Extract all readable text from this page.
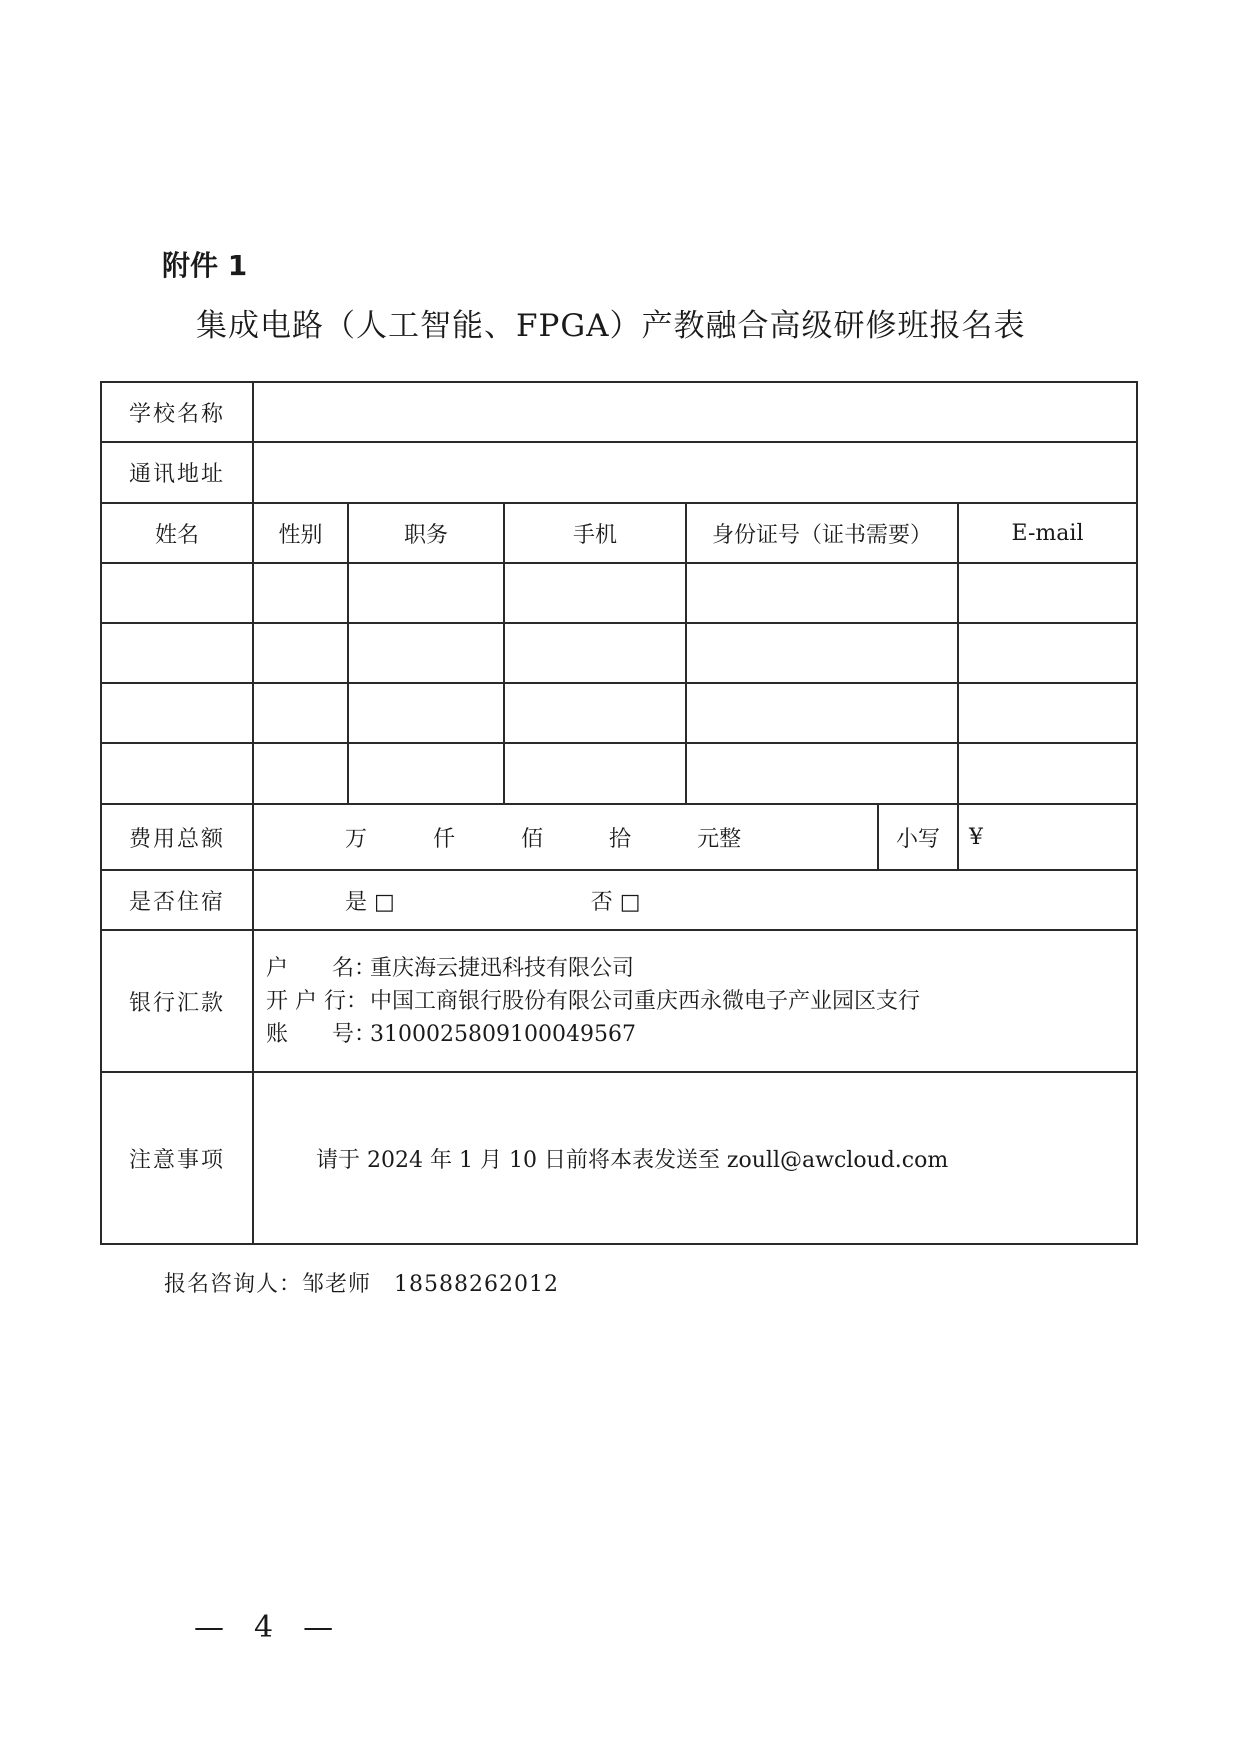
附件 1
集成电路（人工智能、FPGA）产教融合高级研修班报名表
学校名称						
通讯地址						
姓名	性别	职务	手机	身份证号（证书需要）		E-mail

费用总额	万 仟 佰 拾 元整				小写	¥
是否住宿	是 □ 否 □					
银行汇款	户　　名：重庆海云捷迅科技有限公司
开 户 行：中国工商银行股份有限公司重庆西永微电子产业园区支行
账　　号：3100025809100049567					

注意事项	请于 2024 年 1 月 10 日前将本表发送至 zoull@awcloud.com					
报名咨询人：邹老师　18588262012
—　4　—
